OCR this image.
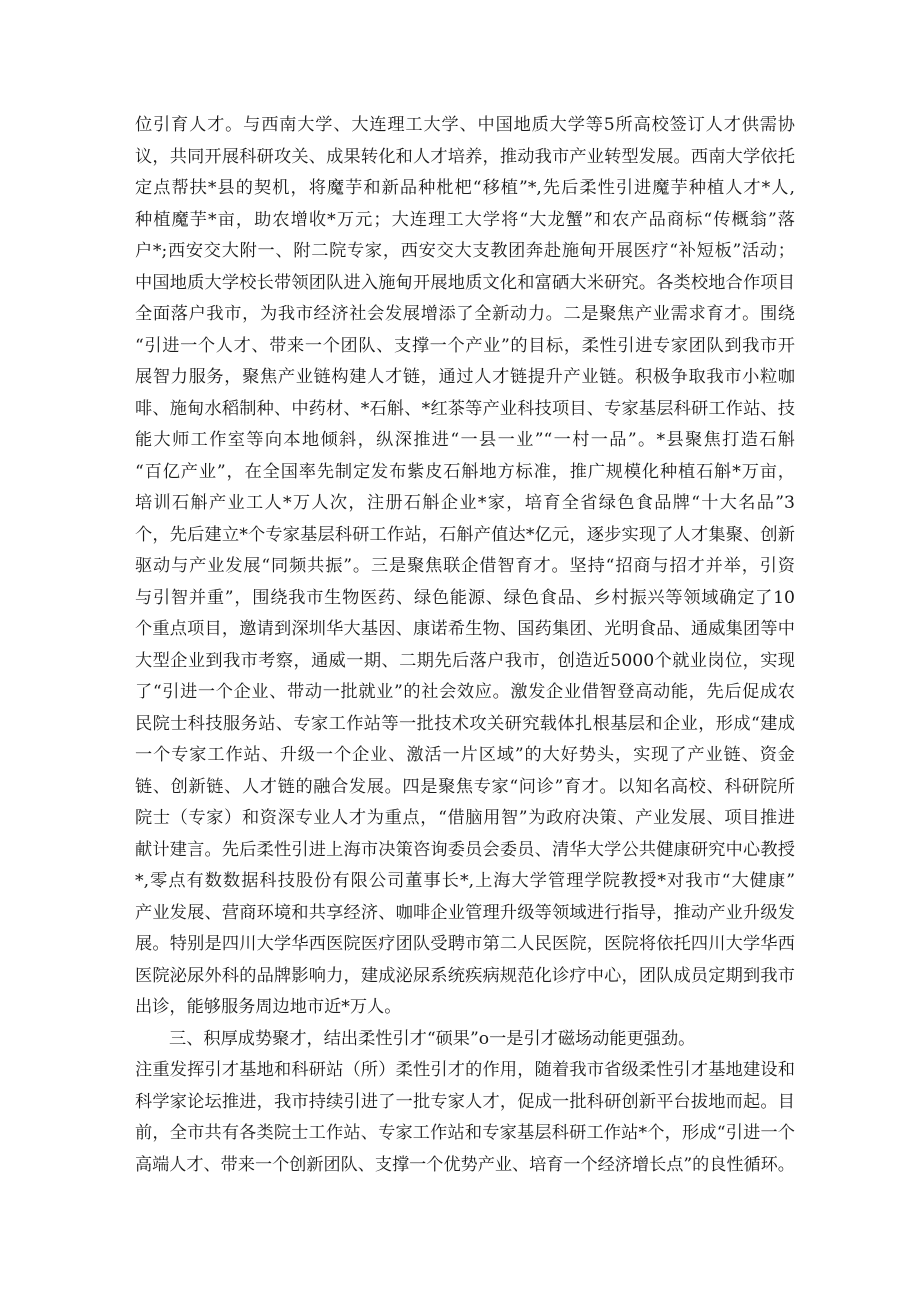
位引育人才。与西南大学、大连理工大学、中国地质大学等5所高校签订人才供需协
议，共同开展科研攻关、成果转化和人才培养，推动我市产业转型发展。西南大学依托
定点帮扶*县的契机，将魔芋和新品种枇杷“移植”*,先后柔性引进魔芋种植人才*人,
种植魔芋*亩，助农增收*万元；大连理工大学将“大龙蟹”和农产品商标“传概翁”落
户*;西安交大附一、附二院专家，西安交大支教团奔赴施甸开展医疗“补短板”活动；
中国地质大学校长带领团队进入施甸开展地质文化和富硒大米研究。各类校地合作项目
全面落户我市，为我市经济社会发展增添了全新动力。二是聚焦产业需求育才。围绕
“引进一个人才、带来一个团队、支撑一个产业”的目标，柔性引进专家团队到我市开
展智力服务，聚焦产业链构建人才链，通过人才链提升产业链。积极争取我市小粒咖
啡、施甸水稻制种、中药材、*石斛、*红茶等产业科技项目、专家基层科研工作站、技
能大师工作室等向本地倾斜，纵深推进“一县一业”“一村一品”。*县聚焦打造石斛
“百亿产业”，在全国率先制定发布紫皮石斛地方标准，推广规模化种植石斛*万亩，
培训石斛产业工人*万人次，注册石斛企业*家，培育全省绿色食品牌“十大名品”3
个，先后建立*个专家基层科研工作站，石斛产值达*亿元，逐步实现了人才集聚、创新
驱动与产业发展“同频共振”。三是聚焦联企借智育才。坚持“招商与招才并举，引资
与引智并重”，围绕我市生物医药、绿色能源、绿色食品、乡村振兴等领域确定了10
个重点项目，邀请到深圳华大基因、康诺希生物、国药集团、光明食品、通威集团等中
大型企业到我市考察，通威一期、二期先后落户我市，创造近5000个就业岗位，实现
了“引进一个企业、带动一批就业”的社会效应。激发企业借智登高动能，先后促成农
民院士科技服务站、专家工作站等一批技术攻关研究载体扎根基层和企业，形成“建成
一个专家工作站、升级一个企业、激活一片区域”的大好势头，实现了产业链、资金
链、创新链、人才链的融合发展。四是聚焦专家“问诊”育才。以知名高校、科研院所
院士（专家）和资深专业人才为重点，“借脑用智”为政府决策、产业发展、项目推进
献计建言。先后柔性引进上海市决策咨询委员会委员、清华大学公共健康研究中心教授
*,零点有数数据科技股份有限公司董事长*,上海大学管理学院教授*对我市“大健康”
产业发展、营商环境和共享经济、咖啡企业管理升级等领域进行指导，推动产业升级发
展。特别是四川大学华西医院医疗团队受聘市第二人民医院，医院将依托四川大学华西
医院泌尿外科的品牌影响力，建成泌尿系统疾病规范化诊疗中心，团队成员定期到我市
出诊，能够服务周边地市近*万人。
三、积厚成势聚才，结出柔性引才“硕果”o一是引才磁场动能更强劲。
注重发挥引才基地和科研站（所）柔性引才的作用，随着我市省级柔性引才基地建设和
科学家论坛推进，我市持续引进了一批专家人才，促成一批科研创新平台拔地而起。目
前，全市共有各类院士工作站、专家工作站和专家基层科研工作站*个，形成“引进一个
高端人才、带来一个创新团队、支撑一个优势产业、培育一个经济增长点”的良性循环。
